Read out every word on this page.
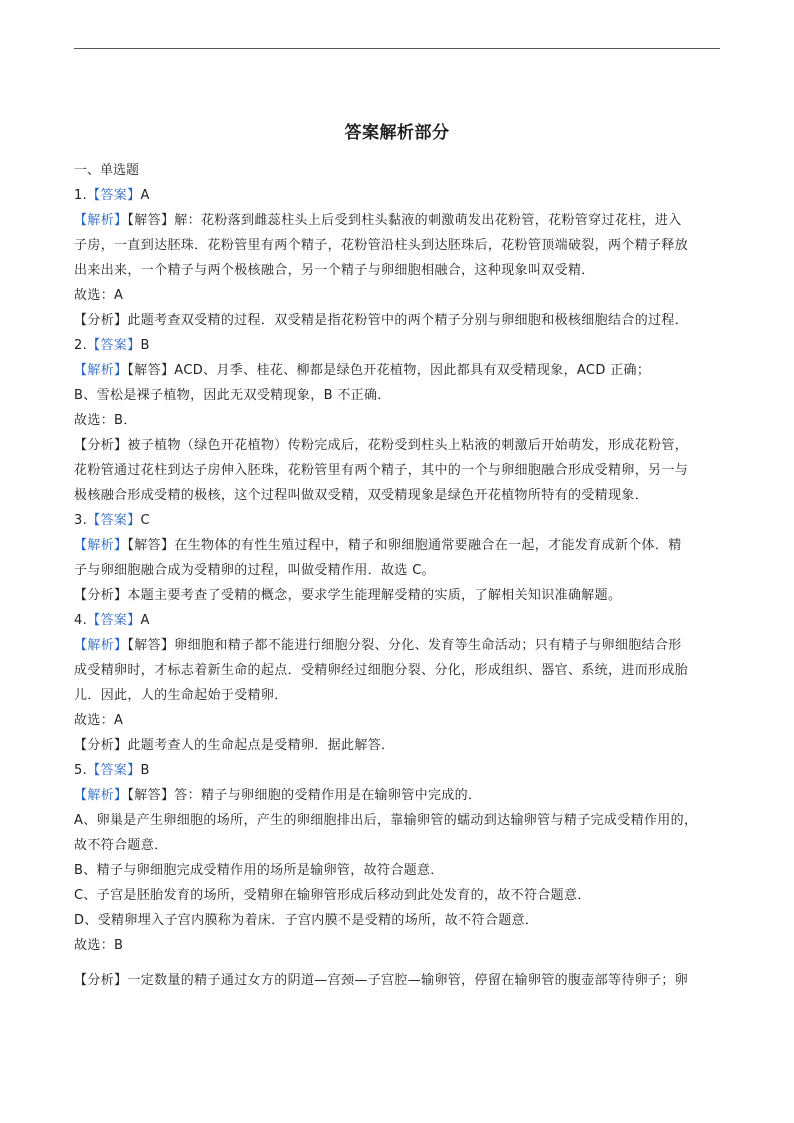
答案解析部分
一、单选题
1.【答案】A
【解析】【解答】解：花粉落到雌蕊柱头上后受到柱头黏液的刺激萌发出花粉管，花粉管穿过花柱，进入
子房，一直到达胚珠．花粉管里有两个精子，花粉管沿柱头到达胚珠后，花粉管顶端破裂，两个精子释放
出来出来，一个精子与两个极核融合，另一个精子与卵细胞相融合，这种现象叫双受精．
故选：A
【分析】此题考查双受精的过程．双受精是指花粉管中的两个精子分别与卵细胞和极核细胞结合的过程．
2.【答案】B
【解析】【解答】ACD、月季、桂花、柳都是绿色开花植物，因此都具有双受精现象，ACD 正确；
B、雪松是裸子植物，因此无双受精现象，B 不正确．
故选：B．
【分析】被子植物（绿色开花植物）传粉完成后，花粉受到柱头上粘液的刺激后开始萌发，形成花粉管，
花粉管通过花柱到达子房伸入胚珠，花粉管里有两个精子，其中的一个与卵细胞融合形成受精卵，另一与
极核融合形成受精的极核，这个过程叫做双受精，双受精现象是绿色开花植物所特有的受精现象．
3.【答案】C
【解析】【解答】在生物体的有性生殖过程中，精子和卵细胞通常要融合在一起，才能发育成新个体．精
子与卵细胞融合成为受精卵的过程，叫做受精作用．故选 C。
【分析】本题主要考查了受精的概念，要求学生能理解受精的实质，了解相关知识准确解题。
4.【答案】A
【解析】【解答】卵细胞和精子都不能进行细胞分裂、分化、发育等生命活动；只有精子与卵细胞结合形
成受精卵时，才标志着新生命的起点．受精卵经过细胞分裂、分化，形成组织、器官、系统，进而形成胎
儿．因此，人的生命起始于受精卵．
故选：A
【分析】此题考查人的生命起点是受精卵．据此解答．
5.【答案】B
【解析】【解答】答：精子与卵细胞的受精作用是在输卵管中完成的．
A、卵巢是产生卵细胞的场所，产生的卵细胞排出后，靠输卵管的蠕动到达输卵管与精子完成受精作用的，
故不符合题意．
B、精子与卵细胞完成受精作用的场所是输卵管，故符合题意．
C、子宫是胚胎发育的场所，受精卵在输卵管形成后移动到此处发育的，故不符合题意．
D、受精卵埋入子宫内膜称为着床．子宫内膜不是受精的场所，故不符合题意．
故选：B
【分析】一定数量的精子通过女方的阴道—宫颈—子宫腔—输卵管，停留在输卵管的腹壶部等待卵子；卵
